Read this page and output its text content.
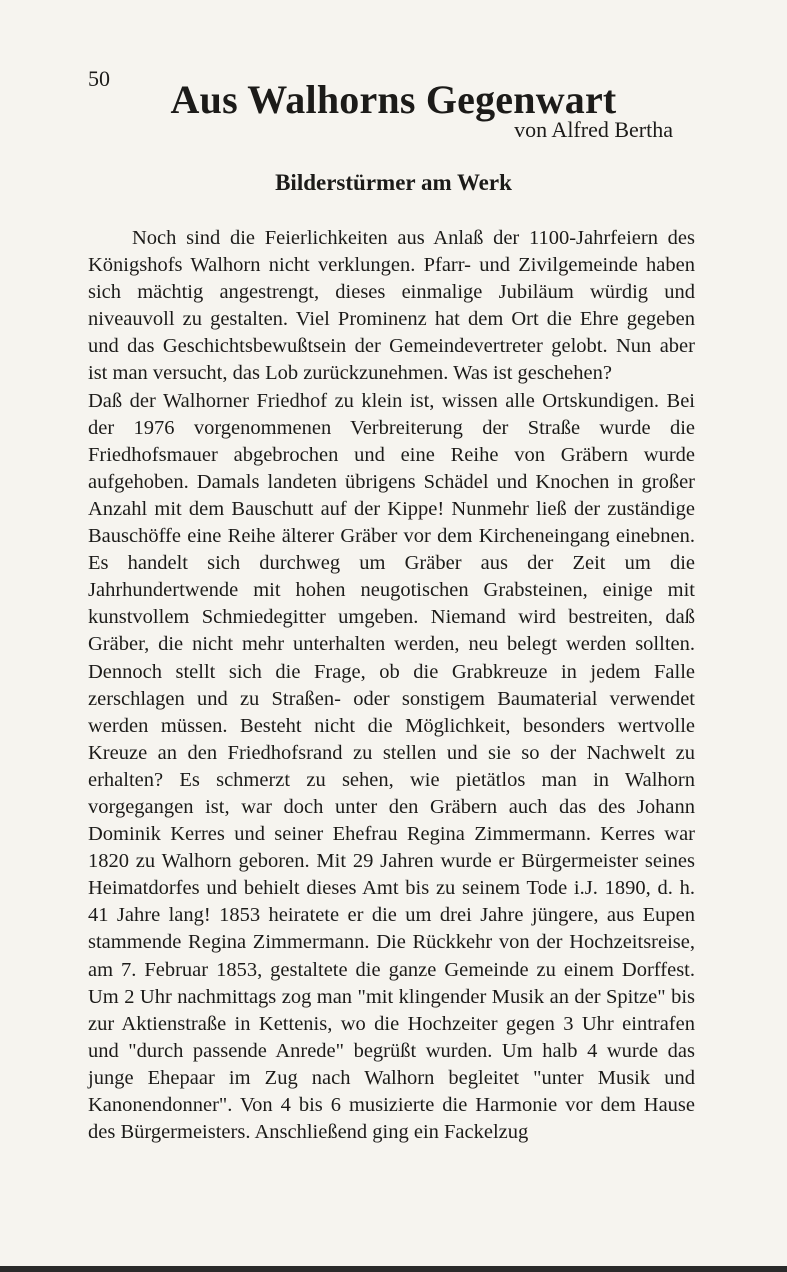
50	Aus Walhorns Gegenwart
von Alfred Bertha
Bilderstürmer am Werk

Noch sind die Feierlichkeiten aus Anlaß der 1100-Jahrfeiern des Königshofs Walhorn nicht verklungen. Pfarr- und Zivilgemeinde haben sich mächtig angestrengt, dieses einmalige Jubiläum würdig und niveauvoll zu gestalten. Viel Prominenz hat dem Ort die Ehre gegeben und das Geschichtsbewußtsein der Gemeindevertreter gelobt. Nun aber ist man versucht, das Lob zurückzunehmen. Was ist geschehen?

Daß der Walhorner Friedhof zu klein ist, wissen alle Ortskundigen. Bei der 1976 vorgenommenen Verbreiterung der Straße wurde die Friedhofsmauer abgebrochen und eine Reihe von Gräbern wurde aufgehoben. Damals landeten übrigens Schädel und Knochen in großer Anzahl mit dem Bauschutt auf der Kippe! Nunmehr ließ der zuständige Bauschöffe eine Reihe älterer Gräber vor dem Kircheneingang einebnen. Es handelt sich durchweg um Gräber aus der Zeit um die Jahrhundertwende mit hohen neugotischen Grabsteinen, einige mit kunstvollem Schmiedegitter umgeben. Niemand wird bestreiten, daß Gräber, die nicht mehr unterhalten werden, neu belegt werden sollten. Dennoch stellt sich die Frage, ob die Grabkreuze in jedem Falle zerschlagen und zu Straßen- oder sonstigem Baumaterial verwendet werden müssen. Besteht nicht die Möglichkeit, besonders wertvolle Kreuze an den Friedhofsrand zu stellen und sie so der Nachwelt zu erhalten? Es schmerzt zu sehen, wie pietätlos man in Walhorn vorgegangen ist, war doch unter den Gräbern auch das des Johann Dominik Kerres und seiner Ehefrau Regina Zimmermann. Kerres war 1820 zu Walhorn geboren. Mit 29 Jahren wurde er Bürgermeister seines Heimatdorfes und behielt dieses Amt bis zu seinem Tode i.J. 1890, d. h. 41 Jahre lang! 1853 heiratete er die um drei Jahre jüngere, aus Eupen stammende Regina Zimmermann. Die Rückkehr von der Hochzeitsreise, am 7. Februar 1853, gestaltete die ganze Gemeinde zu einem Dorffest. Um 2 Uhr nachmittags zog man "mit klingender Musik an der Spitze" bis zur Aktienstraße in Kettenis, wo die Hochzeiter gegen 3 Uhr eintrafen und "durch passende Anrede" begrüßt wurden. Um halb 4 wurde das junge Ehepaar im Zug nach Walhorn begleitet "unter Musik und Kanonendonner". Von 4 bis 6 musizierte die Harmonie vor dem Hause des Bürgermeisters. Anschließend ging ein Fackelzug
